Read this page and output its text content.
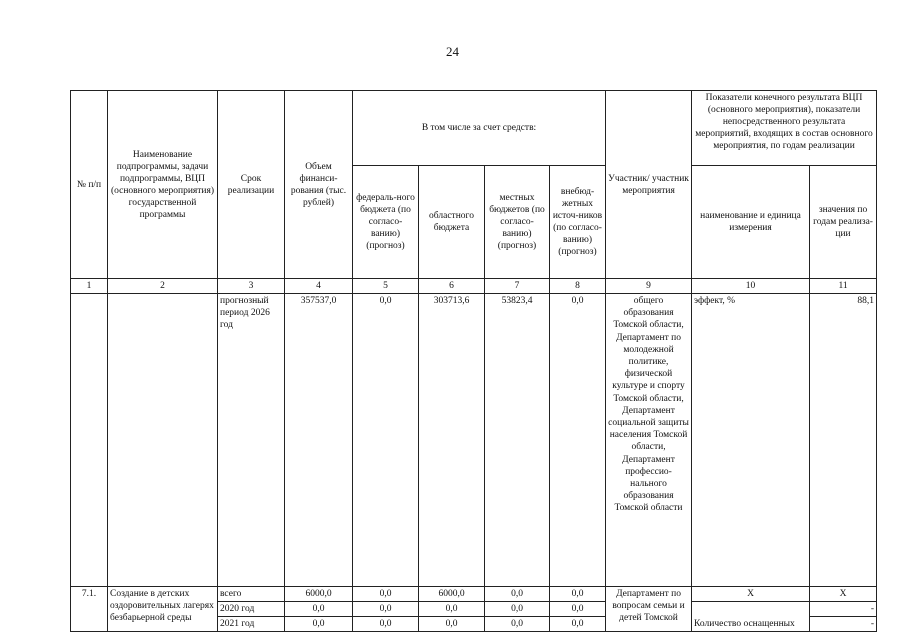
24
№ п/п	Наименование подпрограммы, задачи подпрограммы, ВЦП (основного мероприятия) государственной программы	Срок реализации	Объем финанси-рования (тыс. рублей)	В том числе за счет средств:				Участник/ участник мероприятия	Показатели конечного результата ВЦП (основного мероприятия), показатели непосредственного результата мероприятий, входящих в состав основного мероприятия, по годам реализации	
				федераль-ного бюджета (по согласо-ванию) (прогноз)	областного бюджета	местных бюджетов (по согласо-ванию) (прогноз)	внебюд-жетных источ-ников (по согласо-ванию) (прогноз)		наименование и единица измерения	значения по годам реализа-ции
1	2	3	4	5	6	7	8	9	10	11
		прогнозный период 2026 год	357537,0	0,0	303713,6	53823,4	0,0	общего образования Томской области, Департамент по молодежной политике, физической культуре и спорту Томской области, Департамент социальной защиты населения Томской области, Департамент профессио-нального образования Томской области	эффект, %	88,1
7.1.	Создание в детских оздоровительных лагерях безбарьерной среды	всего	6000,0	0,0	6000,0	0,0	0,0	Департамент по вопросам семьи и детей Томской	Х	Х
		2020 год	0,0	0,0	0,0	0,0	0,0		Количество оснащенных	-
		2021 год	0,0	0,0	0,0	0,0	0,0			-
